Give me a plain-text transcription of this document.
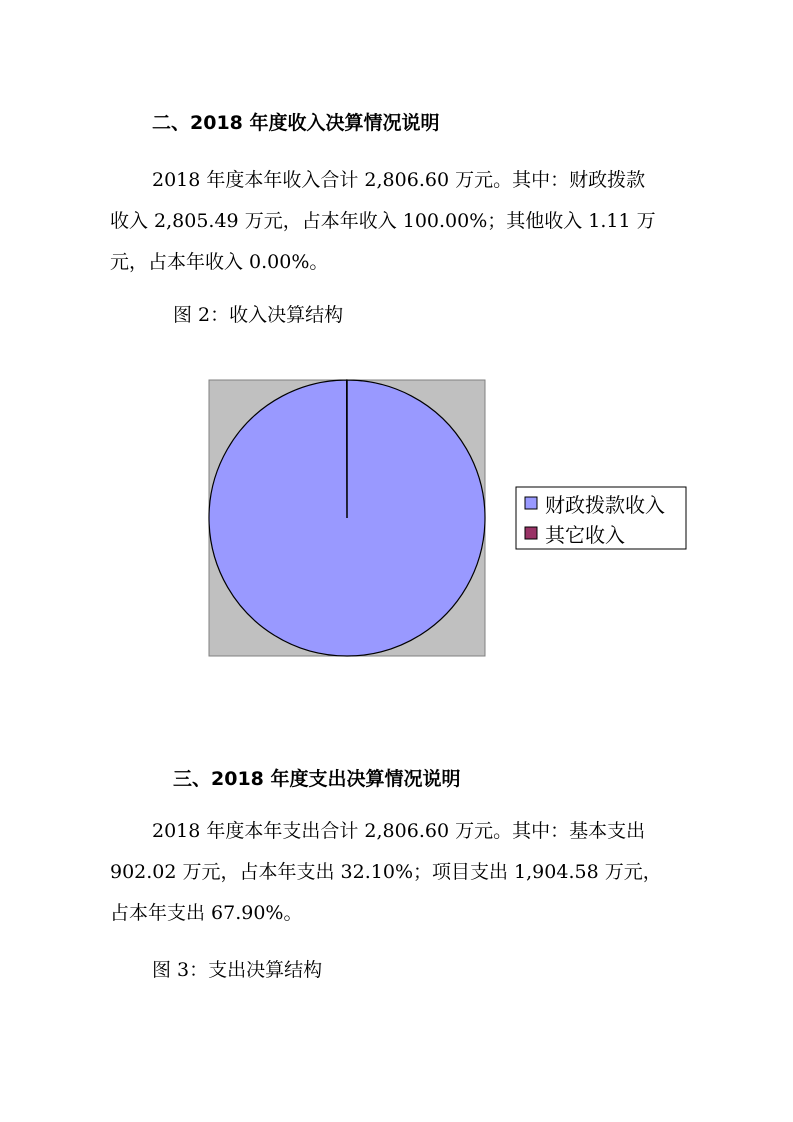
二、2018 年度收入决算情况说明
2018 年度本年收入合计 2,806.60 万元。其中：财政拨款
收入 2,805.49 万元，占本年收入 100.00%；其他收入 1.11 万
元，占本年收入 0.00%。
图 2：收入决算结构
财政拨款收入
其它收入
三、2018 年度支出决算情况说明
2018 年度本年支出合计 2,806.60 万元。其中：基本支出
902.02 万元，占本年支出 32.10%；项目支出 1,904.58 万元，
占本年支出 67.90%。
图 3：支出决算结构
